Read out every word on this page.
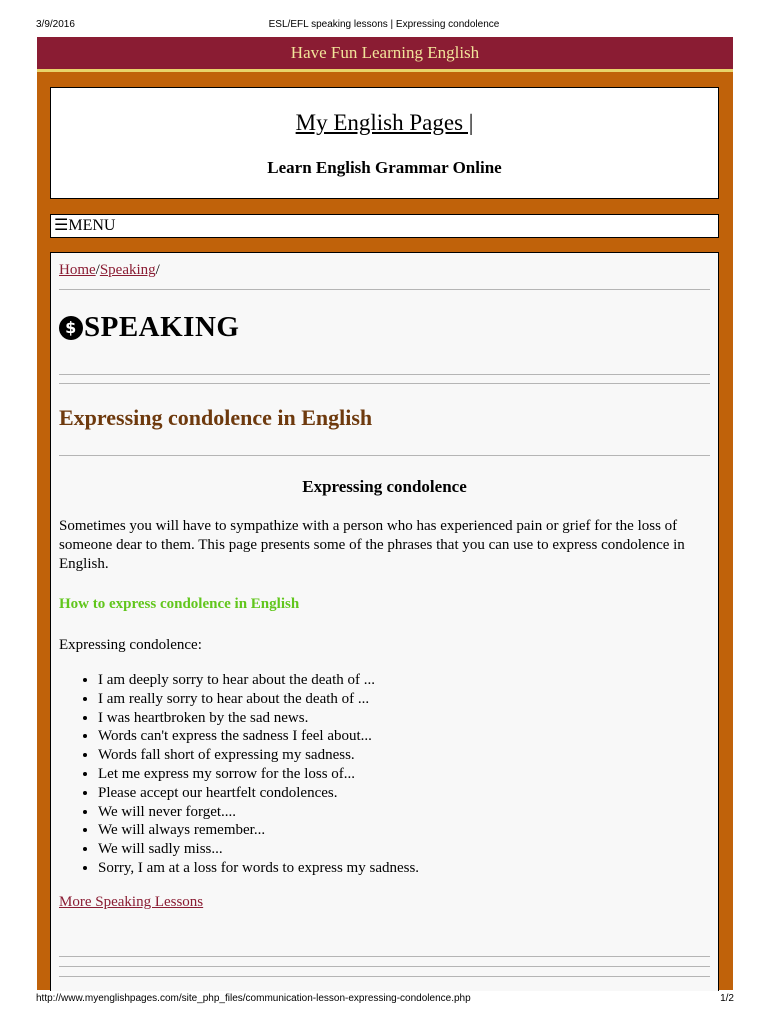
3/9/2016	ESL/EFL speaking lessons | Expressing condolence
Have Fun Learning English
My English Pages |
Learn English Grammar Online
☰MENU
Home/Speaking/
$ SPEAKING
Expressing condolence in English
Expressing condolence
Sometimes you will have to sympathize with a person who has experienced pain or grief for the loss of someone dear to them. This page presents some of the phrases that you can use to express condolence in English.
How to express condolence in English
Expressing condolence:
• I am deeply sorry to hear about the death of ...
• I am really sorry to hear about the death of ...
• I was heartbroken by the sad news.
• Words can't express the sadness I feel about...
• Words fall short of expressing my sadness.
• Let me express my sorrow for the loss of...
• Please accept our heartfelt condolences.
• We will never forget....
• We will always remember...
• We will sadly miss...
• Sorry, I am at a loss for words to express my sadness.
More Speaking Lessons
http://www.myenglishpages.com/site_php_files/communication-lesson-expressing-condolence.php	1/2
